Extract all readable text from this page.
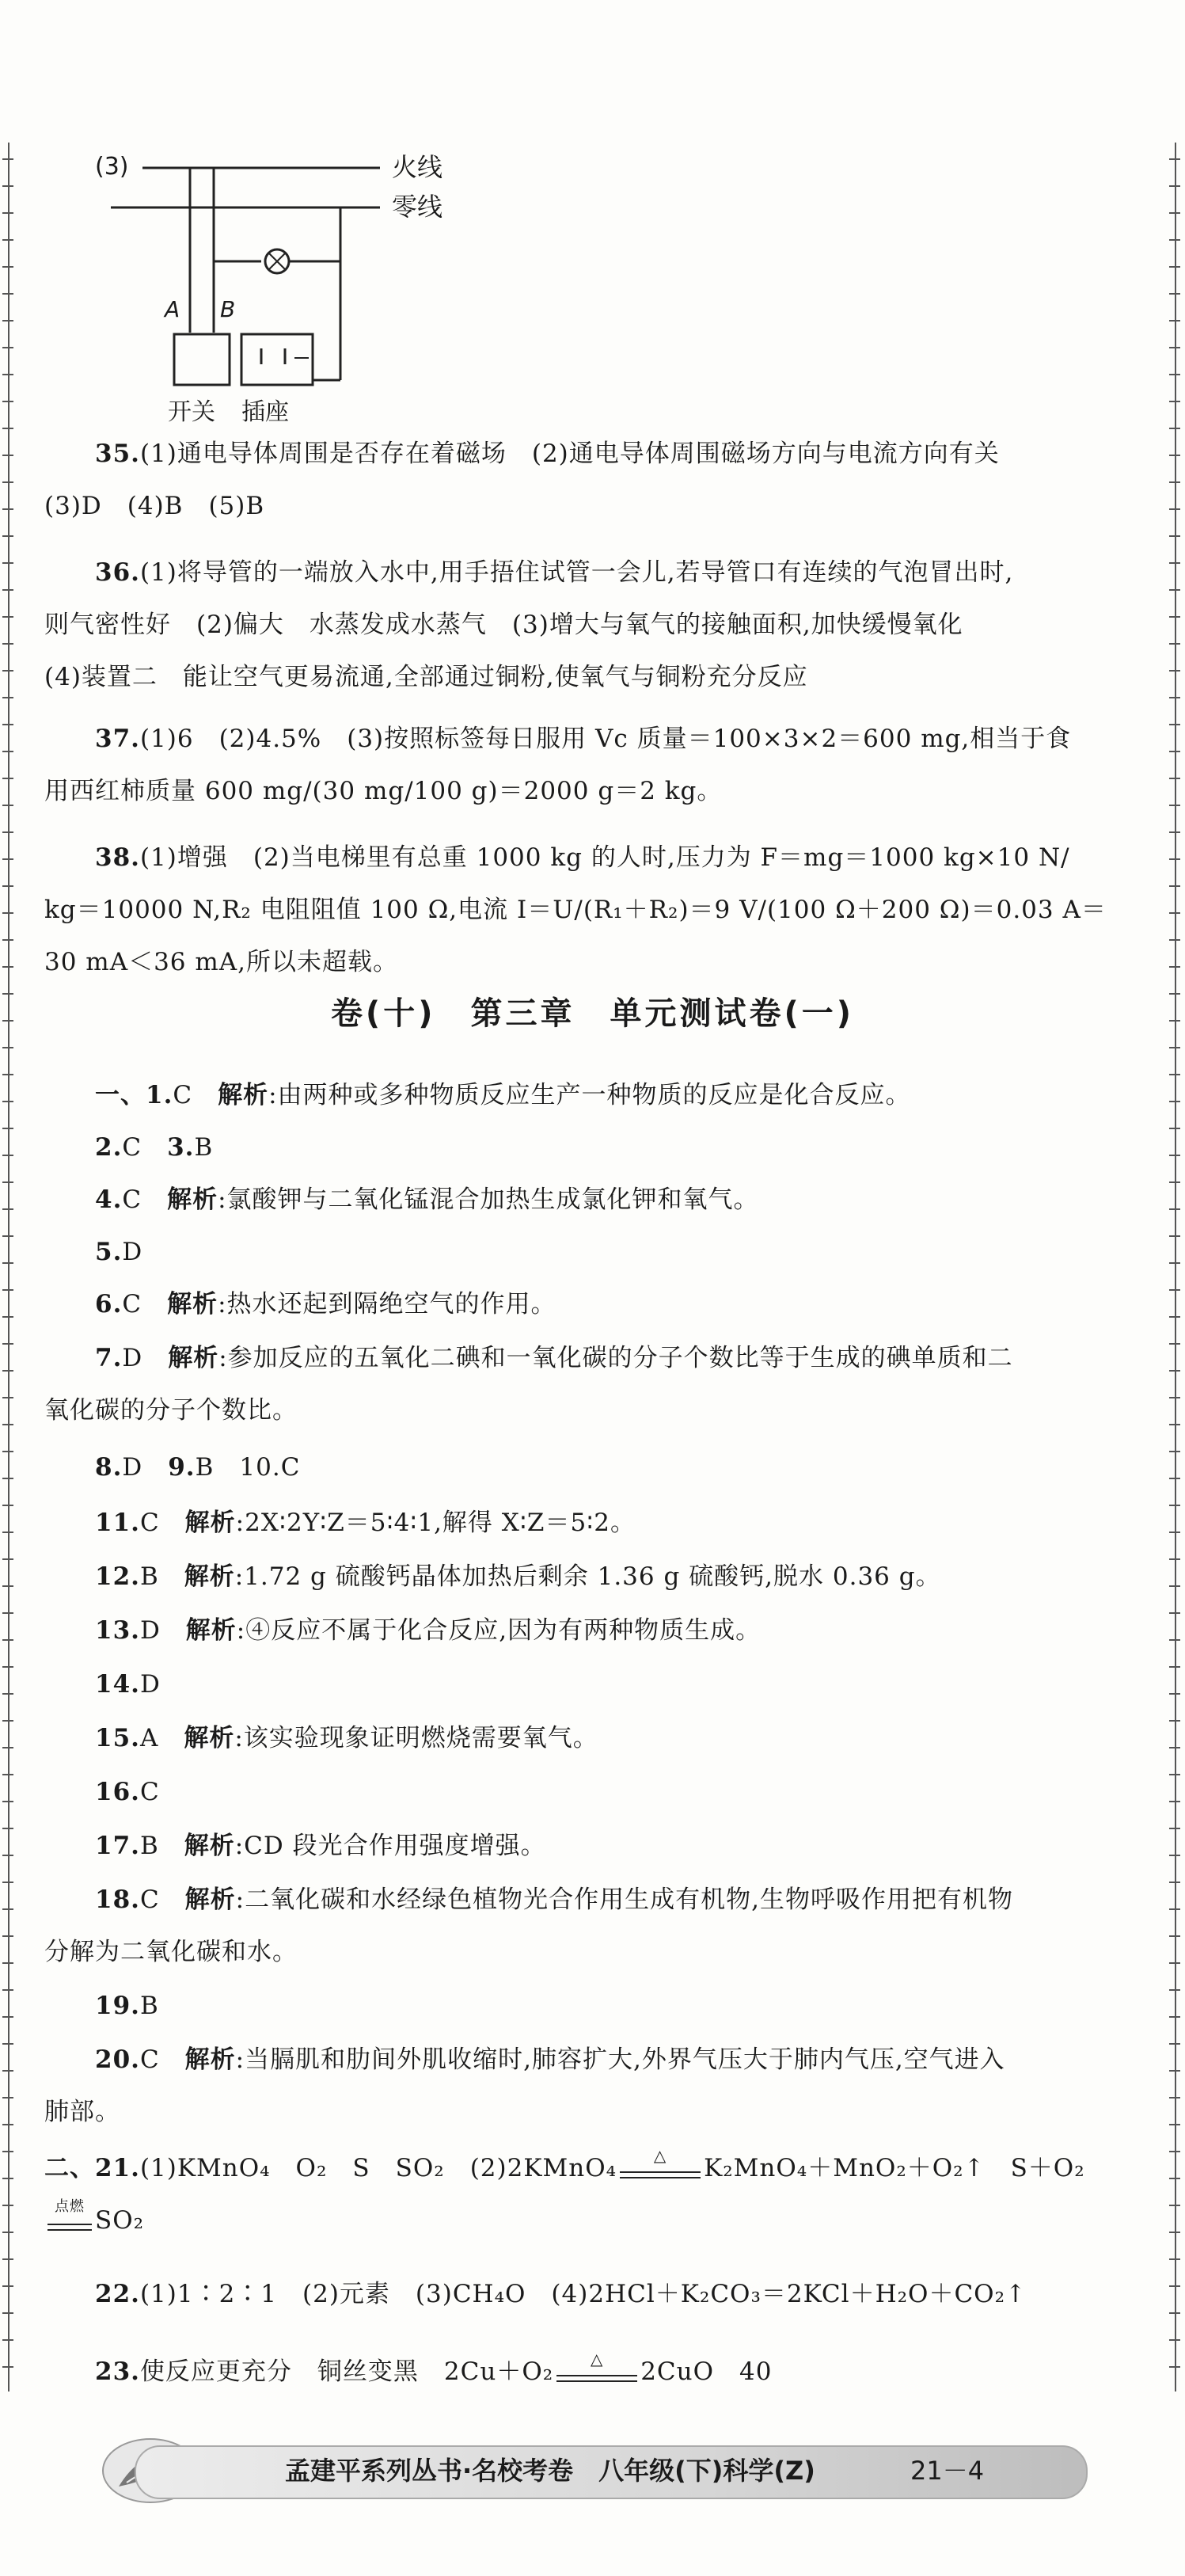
(3)	火线
零线
A B
开关 插座
35.(1)通电导体周围是否存在着磁场　(2)通电导体周围磁场方向与电流方向有关
(3)D　(4)B　(5)B
36.(1)将导管的一端放入水中,用手捂住试管一会儿,若导管口有连续的气泡冒出时,
则气密性好　(2)偏大　水蒸发成水蒸气　(3)增大与氧气的接触面积,加快缓慢氧化
(4)装置二　能让空气更易流通,全部通过铜粉,使氧气与铜粉充分反应
37.(1)6　(2)4.5%　(3)按照标签每日服用 Vc 质量＝100×3×2＝600 mg,相当于食
用西红柿质量 600 mg/(30 mg/100 g)＝2000 g＝2 kg。
38.(1)增强　(2)当电梯里有总重 1000 kg 的人时,压力为 F＝mg＝1000 kg×10 N/
kg＝10000 N,R₂ 电阻阻值 100 Ω,电流 I＝U/(R₁＋R₂)＝9 V/(100 Ω＋200 Ω)＝0.03 A＝
30 mA＜36 mA,所以未超载。
卷(十)　第三章　单元测试卷(一)
一、1.C　解析:由两种或多种物质反应生产一种物质的反应是化合反应。
2.C　3.B
4.C　解析:氯酸钾与二氧化锰混合加热生成氯化钾和氧气。
5.D
6.C　解析:热水还起到隔绝空气的作用。
7.D　解析:参加反应的五氧化二碘和一氧化碳的分子个数比等于生成的碘单质和二
氧化碳的分子个数比。
8.D　9.B　10.C
11.C　解析:2X∶2Y∶Z＝5∶4∶1,解得 X∶Z＝5∶2。
12.B　解析:1.72 g 硫酸钙晶体加热后剩余 1.36 g 硫酸钙,脱水 0.36 g。
13.D　解析:④反应不属于化合反应,因为有两种物质生成。
14.D
15.A　解析:该实验现象证明燃烧需要氧气。
16.C
17.B　解析:CD 段光合作用强度增强。
18.C　解析:二氧化碳和水经绿色植物光合作用生成有机物,生物呼吸作用把有机物
分解为二氧化碳和水。
19.B
20.C　解析:当膈肌和肋间外肌收缩时,肺容扩大,外界气压大于肺内气压,空气进入
肺部。
二、21.(1)KMnO₄　O₂　S　SO₂　(2)2KMnO₄	△	K₂MnO₄＋MnO₂＋O₂↑　S＋O₂
点燃 SO₂
22.(1)1∶2∶1　(2)元素　(3)CH₄O　(4)2HCl＋K₂CO₃＝2KCl＋H₂O＋CO₂↑
23.使反应更充分　铜丝变黑　2Cu＋O₂	△	2CuO　40
孟建平系列丛书·名校考卷　八年级(下)科学(Z)	21－4
